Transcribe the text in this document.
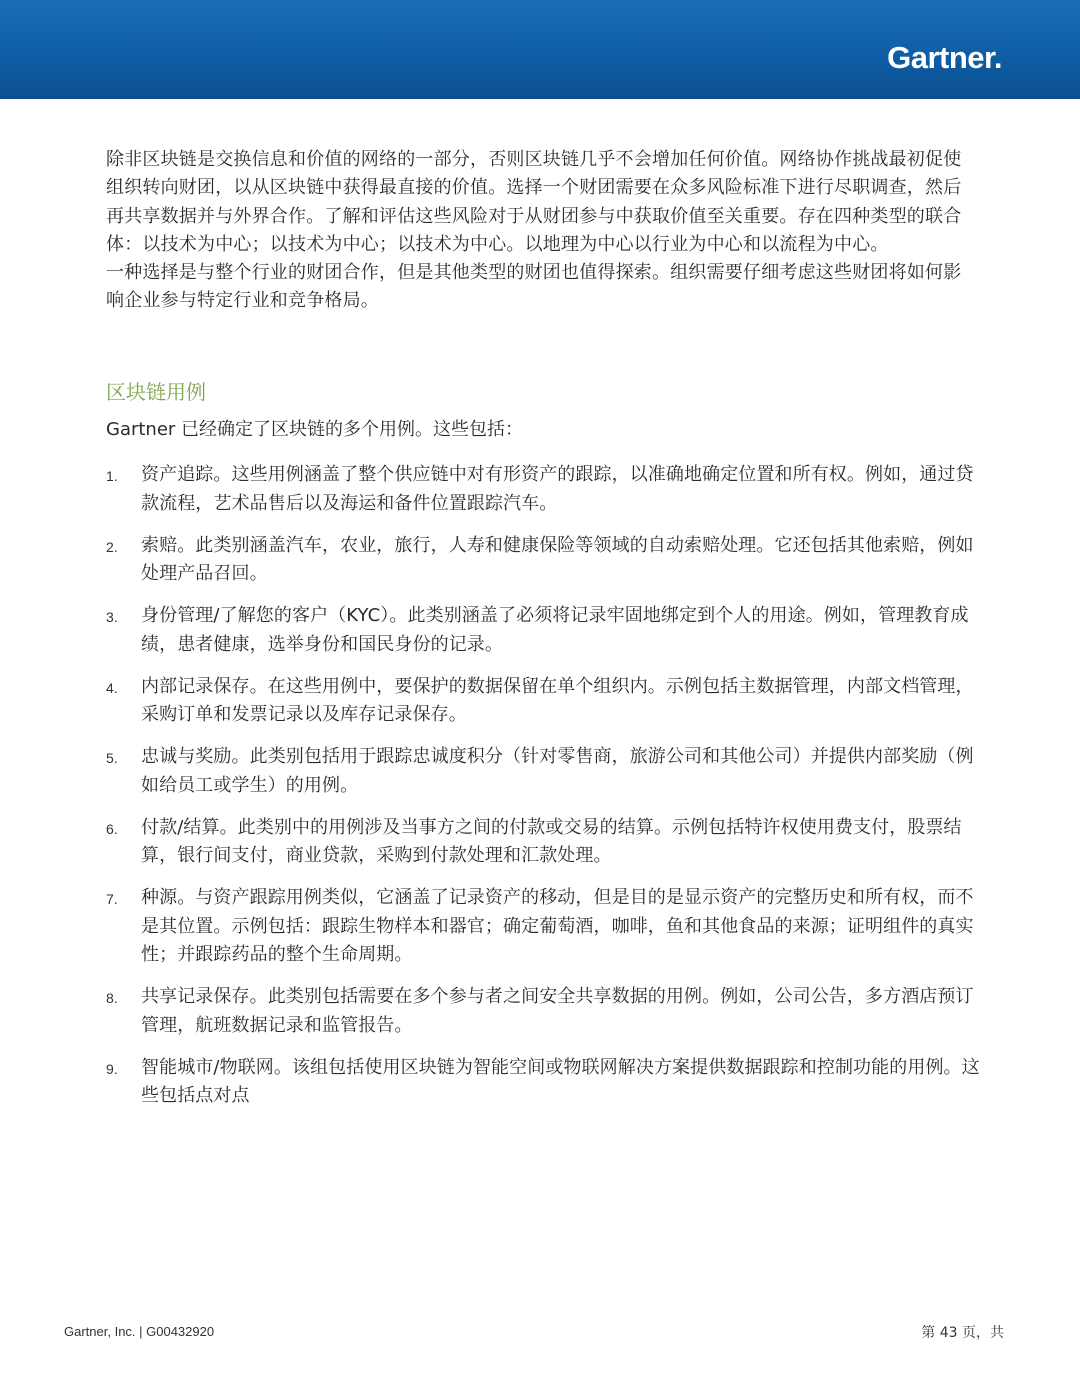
Gartner.

除非区块链是交换信息和价值的网络的一部分，否则区块链几乎不会增加任何价值。网络协作挑战最初促使组织转向财团，以从区块链中获得最直接的价值。选择一个财团需要在众多风险标准下进行尽职调查，然后再共享数据并与外界合作。了解和评估这些风险对于从财团参与中获取价值至关重要。存在四种类型的联合体：以技术为中心；以技术为中心；以技术为中心。以地理为中心以行业为中心和以流程为中心。

一种选择是与整个行业的财团合作，但是其他类型的财团也值得探索。组织需要仔细考虑这些财团将如何影响企业参与特定行业和竞争格局。

区块链用例

Gartner 已经确定了区块链的多个用例。这些包括：

1. 资产追踪。这些用例涵盖了整个供应链中对有形资产的跟踪，以准确地确定位置和所有权。例如，通过贷款流程，艺术品售后以及海运和备件位置跟踪汽车。
2. 索赔。此类别涵盖汽车，农业，旅行，人寿和健康保险等领域的自动索赔处理。它还包括其他索赔，例如处理产品召回。
3. 身份管理/了解您的客户（KYC）。此类别涵盖了必须将记录牢固地绑定到个人的用途。例如，管理教育成绩，患者健康，选举身份和国民身份的记录。
4. 内部记录保存。在这些用例中，要保护的数据保留在单个组织内。示例包括主数据管理，内部文档管理，采购订单和发票记录以及库存记录保存。
5. 忠诚与奖励。此类别包括用于跟踪忠诚度积分（针对零售商，旅游公司和其他公司）并提供内部奖励（例如给员工或学生）的用例。
6. 付款/结算。此类别中的用例涉及当事方之间的付款或交易的结算。示例包括特许权使用费支付，股票结算，银行间支付，商业贷款，采购到付款处理和汇款处理。
7. 种源。与资产跟踪用例类似，它涵盖了记录资产的移动，但是目的是显示资产的完整历史和所有权，而不是其位置。示例包括：跟踪生物样本和器官；确定葡萄酒，咖啡，鱼和其他食品的来源；证明组件的真实性；并跟踪药品的整个生命周期。
8. 共享记录保存。此类别包括需要在多个参与者之间安全共享数据的用例。例如，公司公告，多方酒店预订管理，航班数据记录和监管报告。
9. 智能城市/物联网。该组包括使用区块链为智能空间或物联网解决方案提供数据跟踪和控制功能的用例。这些包括点对点
Gartner, Inc. | G00432920	第 43 页，共
